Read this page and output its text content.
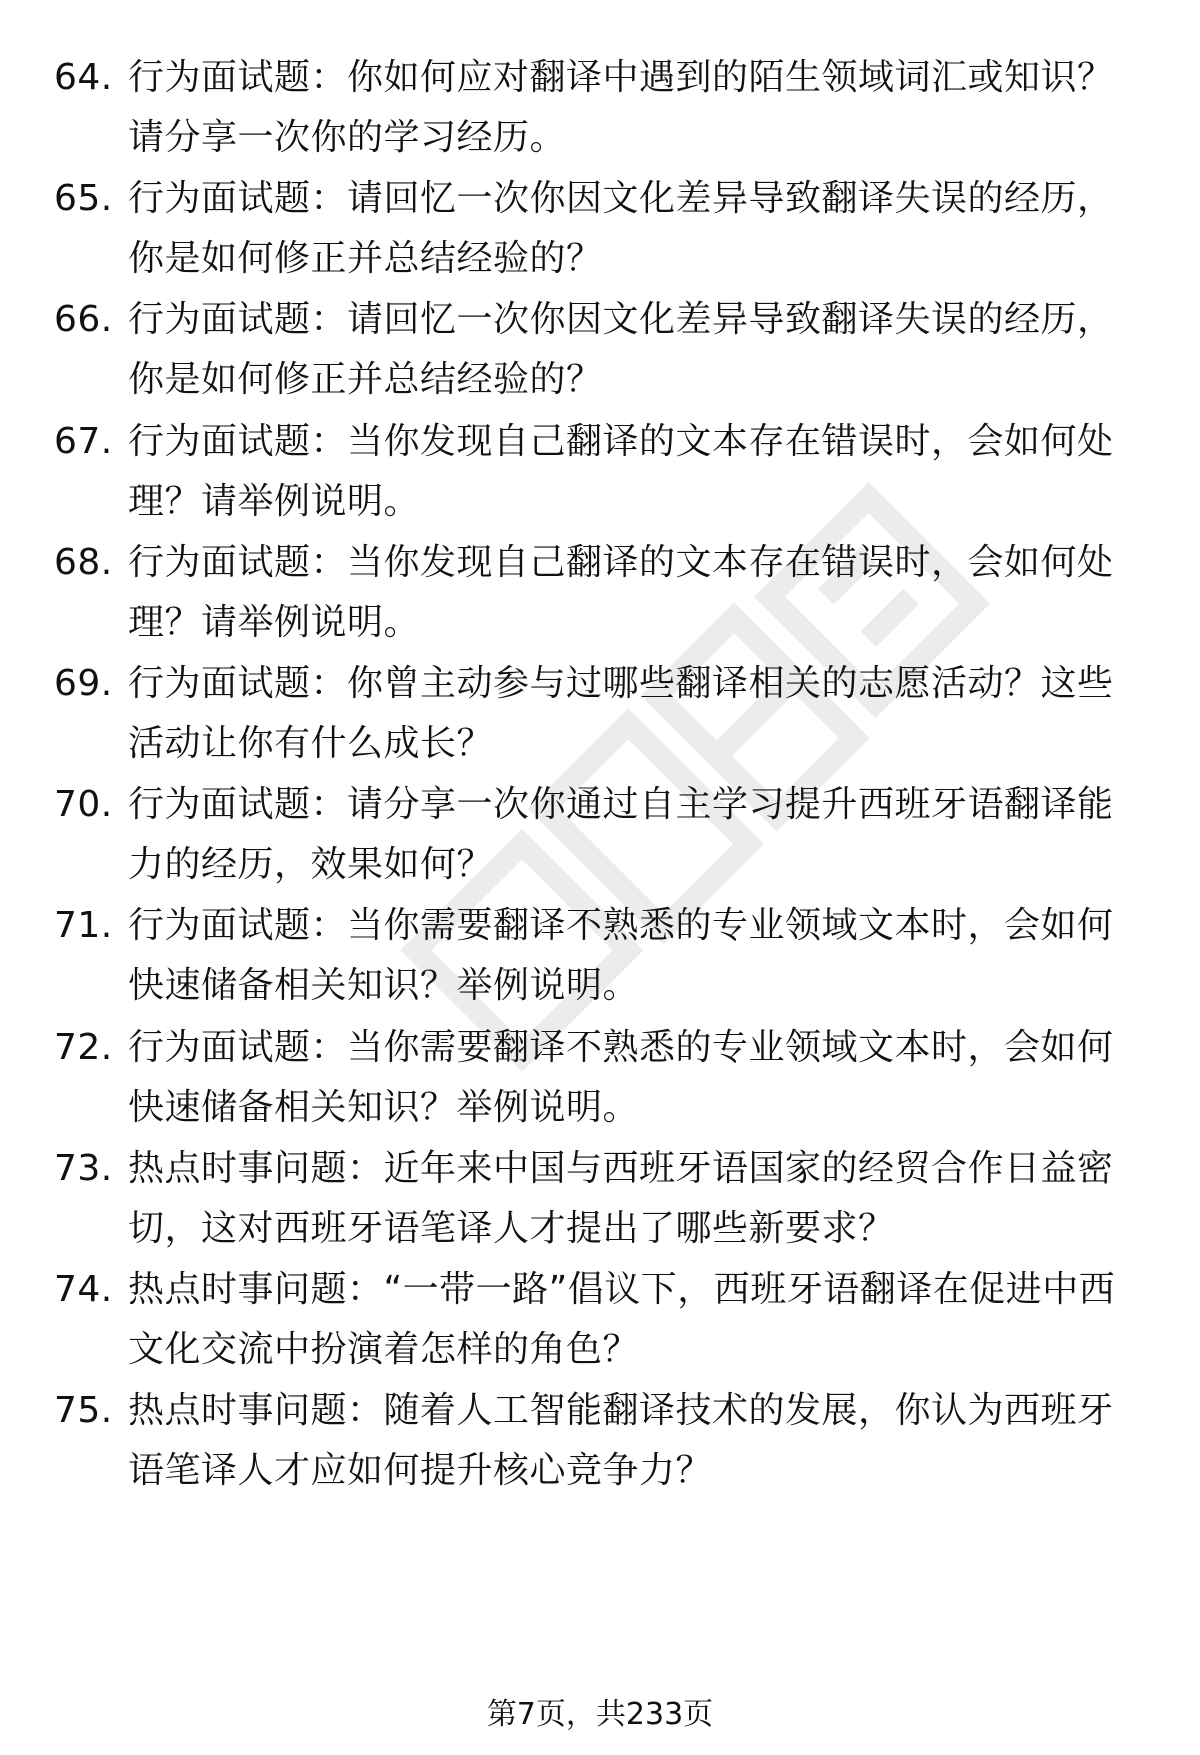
64. 行为面试题：你如何应对翻译中遇到的陌生领域词汇或知识？请分享一次你的学习经历。
65. 行为面试题：请回忆一次你因文化差异导致翻译失误的经历，你是如何修正并总结经验的？
66. 行为面试题：请回忆一次你因文化差异导致翻译失误的经历，你是如何修正并总结经验的？
67. 行为面试题：当你发现自己翻译的文本存在错误时，会如何处理？请举例说明。
68. 行为面试题：当你发现自己翻译的文本存在错误时，会如何处理？请举例说明。
69. 行为面试题：你曾主动参与过哪些翻译相关的志愿活动？这些活动让你有什么成长？
70. 行为面试题：请分享一次你通过自主学习提升西班牙语翻译能力的经历，效果如何？
71. 行为面试题：当你需要翻译不熟悉的专业领域文本时，会如何快速储备相关知识？举例说明。
72. 行为面试题：当你需要翻译不熟悉的专业领域文本时，会如何快速储备相关知识？举例说明。
73. 热点时事问题：近年来中国与西班牙语国家的经贸合作日益密切，这对西班牙语笔译人才提出了哪些新要求？
74. 热点时事问题：“一带一路”倡议下，西班牙语翻译在促进中西文化交流中扮演着怎样的角色？
75. 热点时事问题：随着人工智能翻译技术的发展，你认为西班牙语笔译人才应如何提升核心竞争力？
第7页，共233页
